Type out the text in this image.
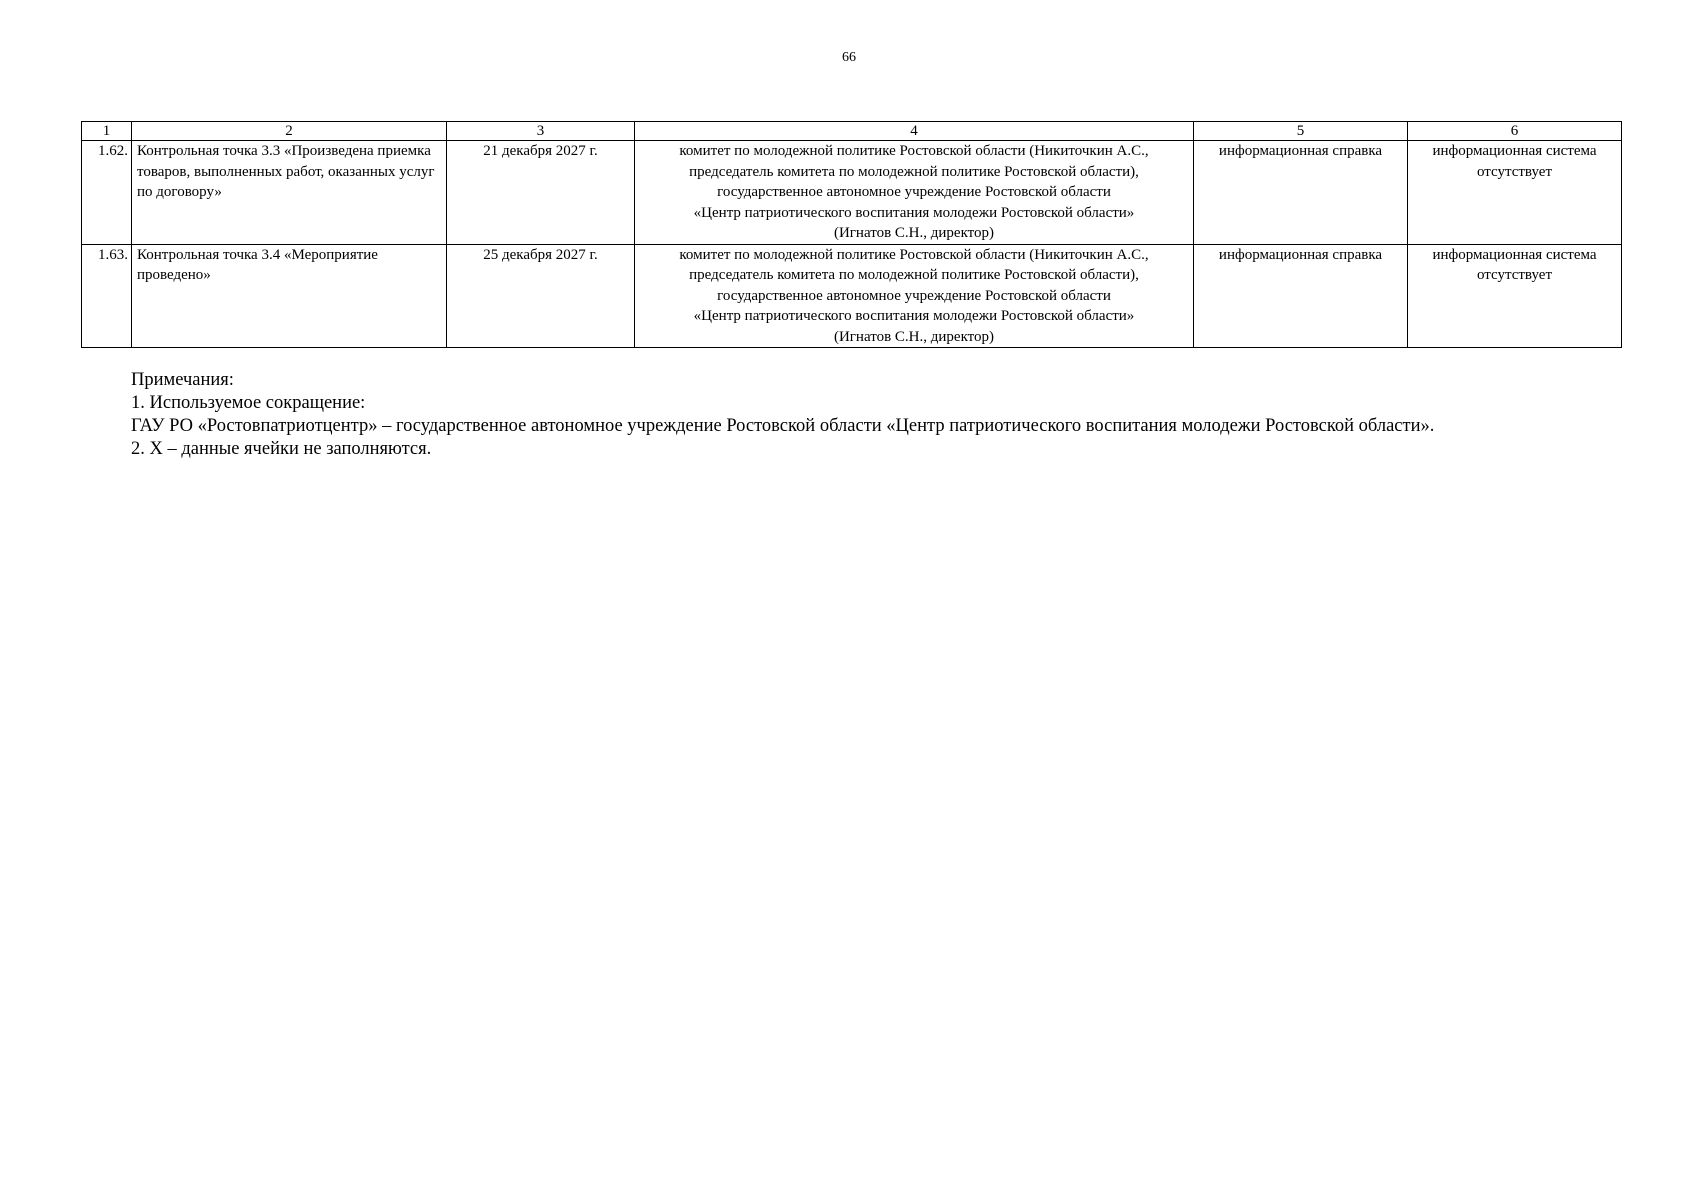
66
1	2	3	4	5	6
1.62.	Контрольная точка 3.3 «Произведена приемка товаров, выполненных работ, оказанных услуг по договору»	21 декабря 2027 г.	комитет по молодежной политике Ростовской области (Никиточкин А.С.,
председатель комитета по молодежной политике Ростовской области),
государственное автономное учреждение Ростовской области
«Центр патриотического воспитания молодежи Ростовской области»
(Игнатов С.Н., директор)	информационная справка	информационная система отсутствует
1.63.	Контрольная точка 3.4 «Мероприятие проведено»	25 декабря 2027 г.	комитет по молодежной политике Ростовской области (Никиточкин А.С.,
председатель комитета по молодежной политике Ростовской области),
государственное автономное учреждение Ростовской области
«Центр патриотического воспитания молодежи Ростовской области»
(Игнатов С.Н., директор)	информационная справка	информационная система отсутствует
Примечания:
1. Используемое сокращение:
ГАУ РО «Ростовпатриотцентр» – государственное автономное учреждение Ростовской области «Центр патриотического воспитания молодежи Ростовской области».
2. Х – данные ячейки не заполняются.
